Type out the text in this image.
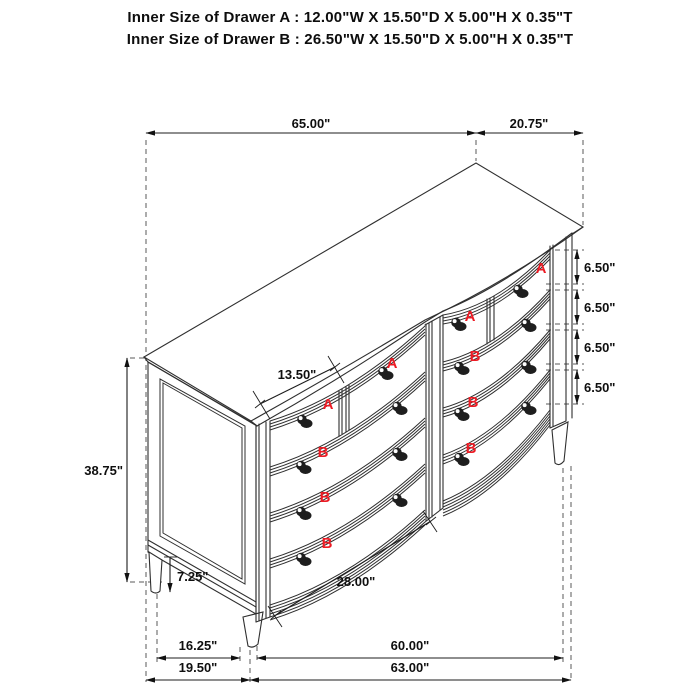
Inner Size of Drawer A : 12.00"W X 15.50"D X 5.00"H X 0.35"T
Inner Size of Drawer B : 26.50"W X 15.50"D X 5.00"H X 0.35"T
65.00"	20.75"
6.50"
6.50"
6.50"
6.50"
13.50"
38.75"
7.25"	28.00"
16.25"	60.00"
19.50"	63.00"
A
A
A
A
B
B
B
B
B
B
